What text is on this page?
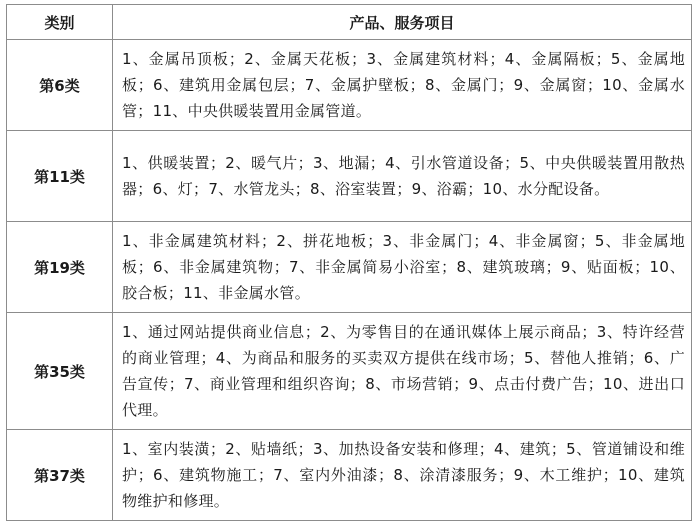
类别	产品、服务项目
第6类	1、金属吊顶板；2、金属天花板；3、金属建筑材料；4、金属隔板；5、金属地板；6、建筑用金属包层；7、金属护壁板；8、金属门；9、金属窗；10、金属水管；11、中央供暖装置用金属管道。
第11类	1、供暖装置；2、暖气片；3、地漏；4、引水管道设备；5、中央供暖装置用散热器；6、灯；7、水管龙头；8、浴室装置；9、浴霸；10、水分配设备。
第19类	1、非金属建筑材料；2、拼花地板；3、非金属门；4、非金属窗；5、非金属地板；6、非金属建筑物；7、非金属简易小浴室；8、建筑玻璃；9、贴面板；10、胶合板；11、非金属水管。
第35类	1、通过网站提供商业信息；2、为零售目的在通讯媒体上展示商品；3、特许经营的商业管理；4、为商品和服务的买卖双方提供在线市场；5、替他人推销；6、广告宣传；7、商业管理和组织咨询；8、市场营销；9、点击付费广告；10、进出口代理。
第37类	1、室内装潢；2、贴墙纸；3、加热设备安装和修理；4、建筑；5、管道铺设和维护；6、建筑物施工；7、室内外油漆；8、涂清漆服务；9、木工维护；10、建筑物维护和修理。
